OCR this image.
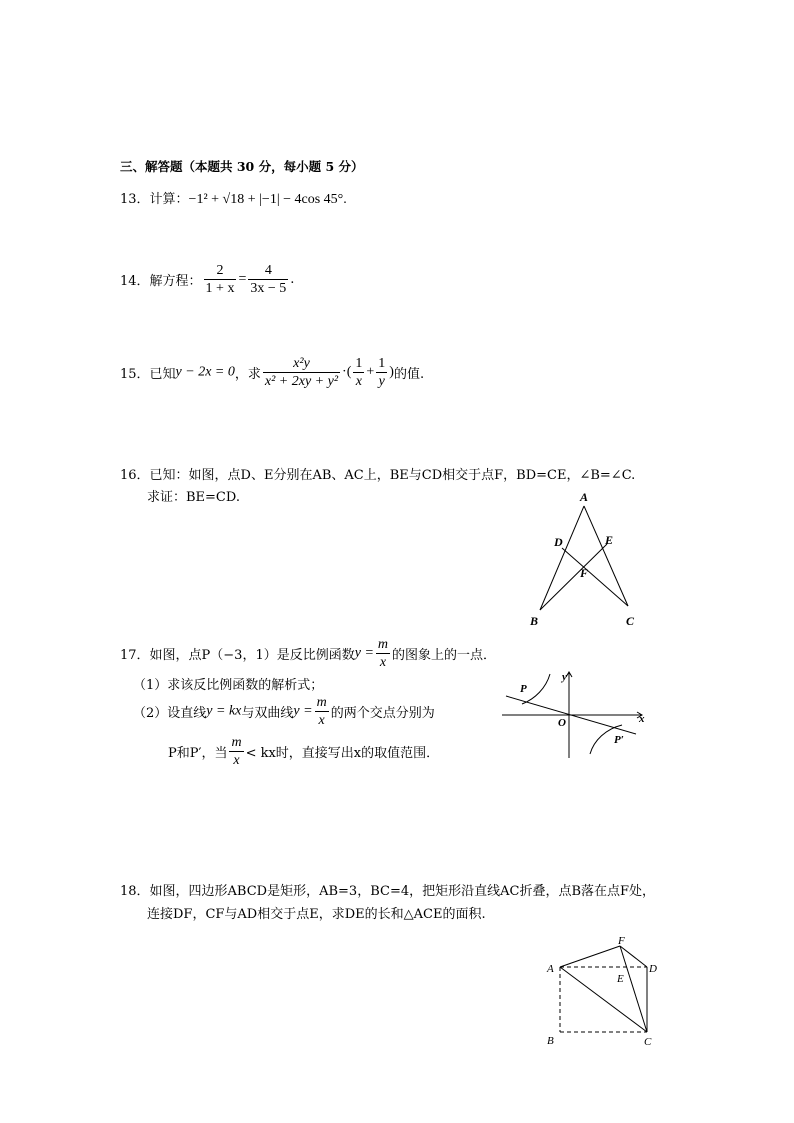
三、解答题（本题共 30 分，每小题 5 分）
13．计算：−1² + √18 + |−1| − 4cos 45°.
14．解方程： $\frac{2}{1 + x} = \frac{4}{3x - 5}$ .
15．已知y − 2x = 0，求 $\frac{\text{x²y}}{\text{x² + 2xy + y²}}$ ·( $\frac{1}{x} + \frac{1}{y}$ )的值.
16．已知：如图，点D、E分别在AB、AC上，BE与CD相交于点F，BD=CE，∠B=∠C.
求证：BE=CD.	A
D	E
F
B	C
17．如图，点P（−3，1）是反比例函数$y = \frac{m}{x}$ 的图象上的一点．
（1）求该反比例函数的解析式；
（2）设直线y = kx与双曲线$y = \frac{m}{x}$ 的两个交点分别为
P和P′，当 $\frac{m}{x}$ < kx时，直接写出x的取值范围．
P
O
y
x
P′
18．如图，四边形ABCD是矩形，AB=3，BC=4，把矩形沿直线AC折叠，点B落在点F处，
连接DF，CF与AD相交于点E，求DE的长和△ACE的面积.
F
A	D
E
B	C
